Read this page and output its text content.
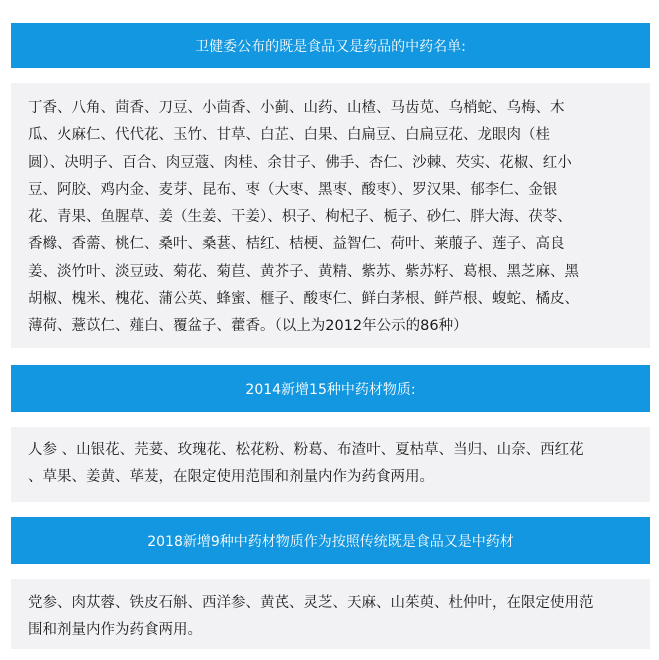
卫健委公布的既是食品又是药品的中药名单:

丁香、八角、茴香、刀豆、小茴香、小蓟、山药、山楂、马齿苋、乌梢蛇、乌梅、木

瓜、火麻仁、代代花、玉竹、甘草、白芷、白果、白扁豆、白扁豆花、龙眼肉（桂

圆）、决明子、百合、肉豆蔻、肉桂、余甘子、佛手、杏仁、沙棘、芡实、花椒、红小

豆、阿胶、鸡内金、麦芽、昆布、枣（大枣、黑枣、酸枣）、罗汉果、郁李仁、金银

花、青果、鱼腥草、姜（生姜、干姜）、枳子、枸杞子、栀子、砂仁、胖大海、茯苓、

香橼、香薷、桃仁、桑叶、桑葚、桔红、桔梗、益智仁、荷叶、莱菔子、莲子、高良

姜、淡竹叶、淡豆豉、菊花、菊苣、黄芥子、黄精、紫苏、紫苏籽、葛根、黑芝麻、黑

胡椒、槐米、槐花、蒲公英、蜂蜜、榧子、酸枣仁、鲜白茅根、鲜芦根、蝮蛇、橘皮、

薄荷、薏苡仁、薤白、覆盆子、藿香。（以上为2012年公示的86种）

2014新增15种中药材物质:

人参 、山银花、芫荽、玫瑰花、松花粉、粉葛、布渣叶、夏枯草、当归、山奈、西红花

、草果、姜黄、荜茇，在限定使用范围和剂量内作为药食两用。

2018新增9种中药材物质作为按照传统既是食品又是中药材

党参、肉苁蓉、铁皮石斛、西洋参、黄芪、灵芝、天麻、山茱萸、杜仲叶，在限定使用范

围和剂量内作为药食两用。
